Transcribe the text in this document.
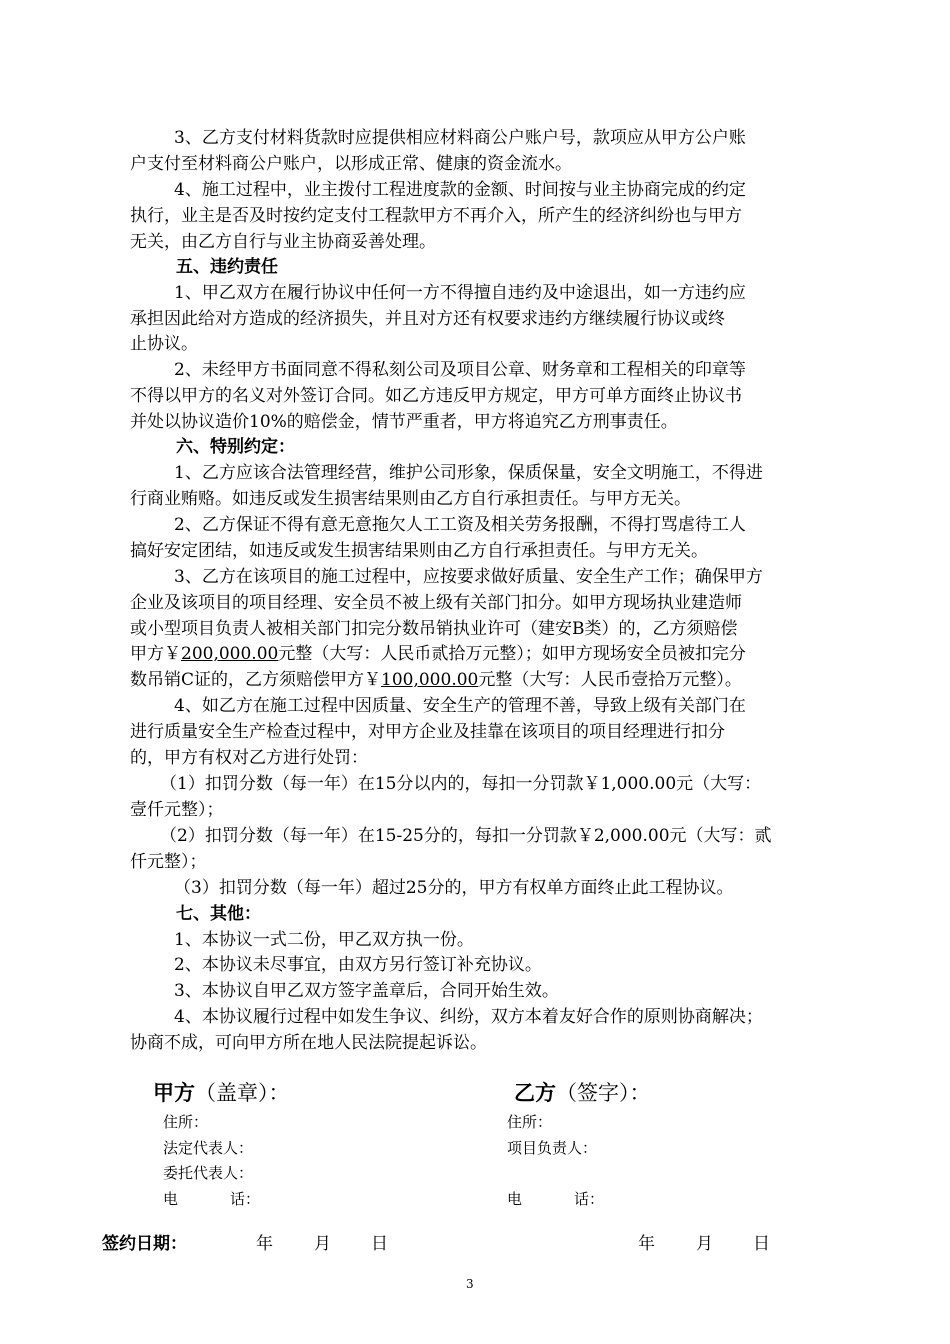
3、乙方支付材料货款时应提供相应材料商公户账户号，款项应从甲方公户账
户支付至材料商公户账户，以形成正常、健康的资金流水。
4、施工过程中，业主拨付工程进度款的金额、时间按与业主协商完成的约定
执行，业主是否及时按约定支付工程款甲方不再介入，所产生的经济纠纷也与甲方
无关，由乙方自行与业主协商妥善处理。
五、违约责任
1、甲乙双方在履行协议中任何一方不得擅自违约及中途退出，如一方违约应
承担因此给对方造成的经济损失，并且对方还有权要求违约方继续履行协议或终
止协议。
2、未经甲方书面同意不得私刻公司及项目公章、财务章和工程相关的印章等
不得以甲方的名义对外签订合同。如乙方违反甲方规定，甲方可单方面终止协议书
并处以协议造价10%的赔偿金，情节严重者，甲方将追究乙方刑事责任。
六、特别约定：
1、乙方应该合法管理经营，维护公司形象，保质保量，安全文明施工，不得进
行商业贿赂。如违反或发生损害结果则由乙方自行承担责任。与甲方无关。
2、乙方保证不得有意无意拖欠人工工资及相关劳务报酬，不得打骂虐待工人
搞好安定团结，如违反或发生损害结果则由乙方自行承担责任。与甲方无关。
3、乙方在该项目的施工过程中，应按要求做好质量、安全生产工作；确保甲方
企业及该项目的项目经理、安全员不被上级有关部门扣分。如甲方现场执业建造师
或小型项目负责人被相关部门扣完分数吊销执业许可（建安B类）的，乙方须赔偿
甲方￥200,000.00元整（大写：人民币贰拾万元整）；如甲方现场安全员被扣完分
数吊销C证的，乙方须赔偿甲方￥100,000.00元整（大写：人民币壹拾万元整）。
4、如乙方在施工过程中因质量、安全生产的管理不善，导致上级有关部门在
进行质量安全生产检查过程中，对甲方企业及挂靠在该项目的项目经理进行扣分
的，甲方有权对乙方进行处罚：
（1）扣罚分数（每一年）在15分以内的，每扣一分罚款￥1,000.00元（大写：
壹仟元整）；
（2）扣罚分数（每一年）在15-25分的，每扣一分罚款￥2,000.00元（大写：贰
仟元整）；
（3）扣罚分数（每一年）超过25分的，甲方有权单方面终止此工程协议。
七、其他：
1、本协议一式二份，甲乙双方执一份。
2、本协议未尽事宜，由双方另行签订补充协议。
3、本协议自甲乙双方签字盖章后，合同开始生效。
4、本协议履行过程中如发生争议、纠纷，双方本着友好合作的原则协商解决；
协商不成，可向甲方所在地人民法院提起诉讼。
甲方（盖章）：	乙方（签字）：
住所：	住所：
法定代表人：	项目负责人：
委托代表人：
电	话：	电	话：
签约日期：	年 月 日	年 月 日
3
